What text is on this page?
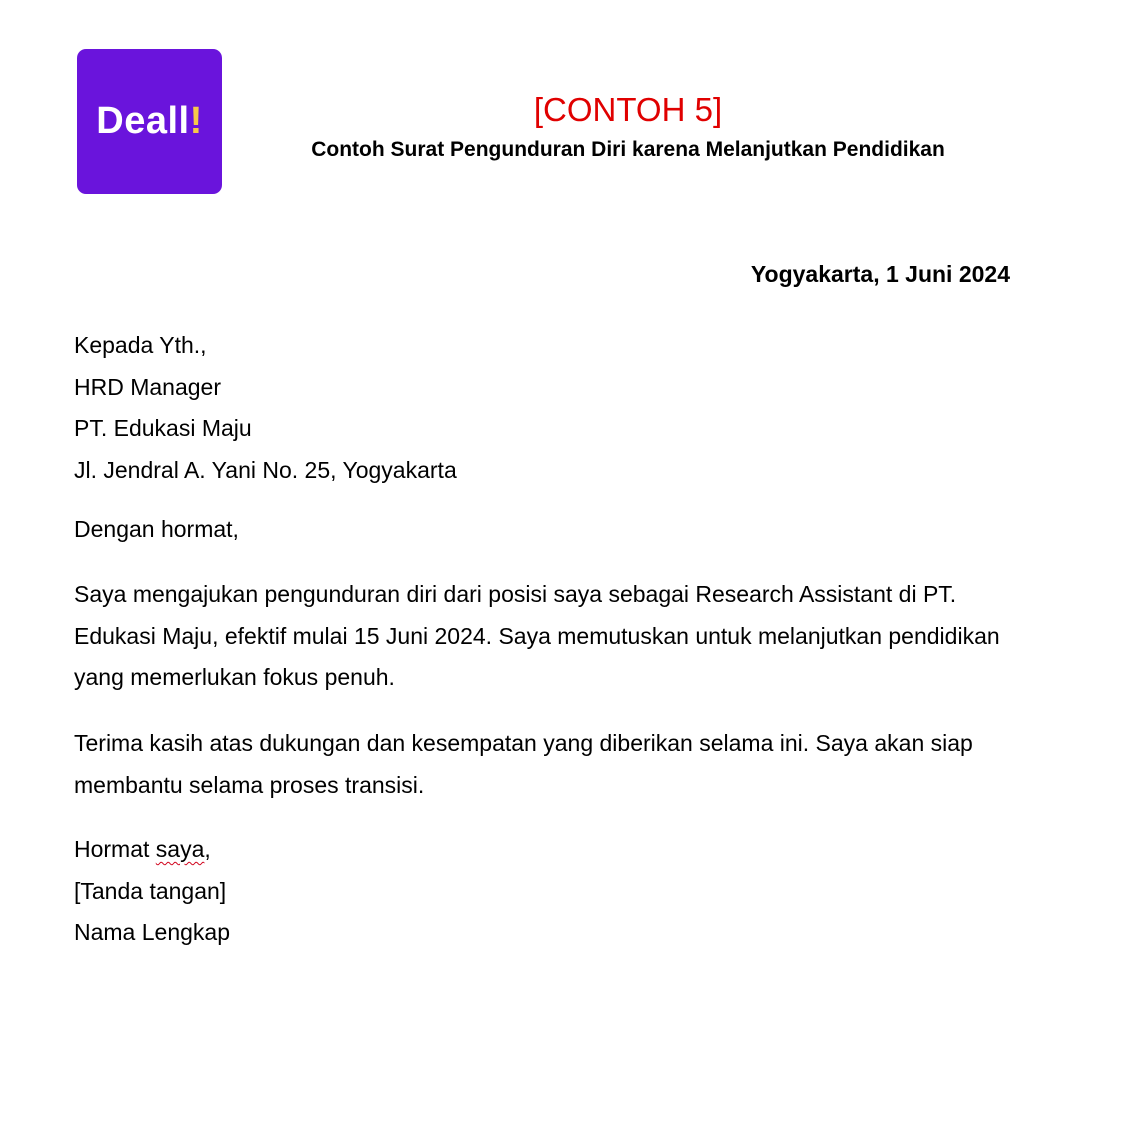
Deall!	[CONTOH 5]
Contoh Surat Pengunduran Diri karena Melanjutkan Pendidikan
Yogyakarta, 1 Juni 2024
Kepada Yth.,
HRD Manager
PT. Edukasi Maju
Jl. Jendral A. Yani No. 25, Yogyakarta
Dengan hormat,

Saya mengajukan pengunduran diri dari posisi saya sebagai Research Assistant di PT. Edukasi Maju, efektif mulai 15 Juni 2024. Saya memutuskan untuk melanjutkan pendidikan yang memerlukan fokus penuh.

Terima kasih atas dukungan dan kesempatan yang diberikan selama ini. Saya akan siap membantu selama proses transisi.

Hormat saya,
[Tanda tangan]
Nama Lengkap
